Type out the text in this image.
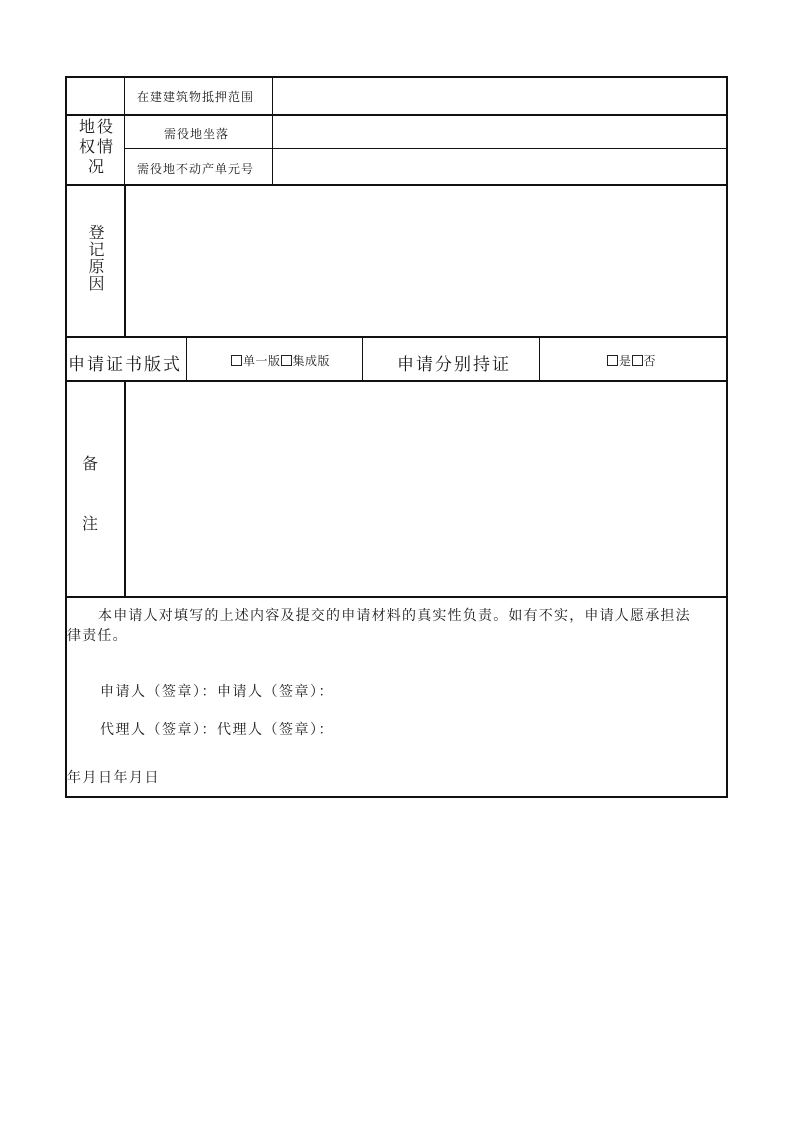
在建建筑物抵押范围
地役权情况
需役地坐落
需役地不动产单元号
登记原因
申请证书版式	单一版 集成版	申请分别持证	是 否
备
注
本申请人对填写的上述内容及提交的申请材料的真实性负责。如有不实，申请人愿承担法
律责任。
申请人（签章）：申请人（签章）：
代理人（签章）：代理人（签章）：
年月日年月日
